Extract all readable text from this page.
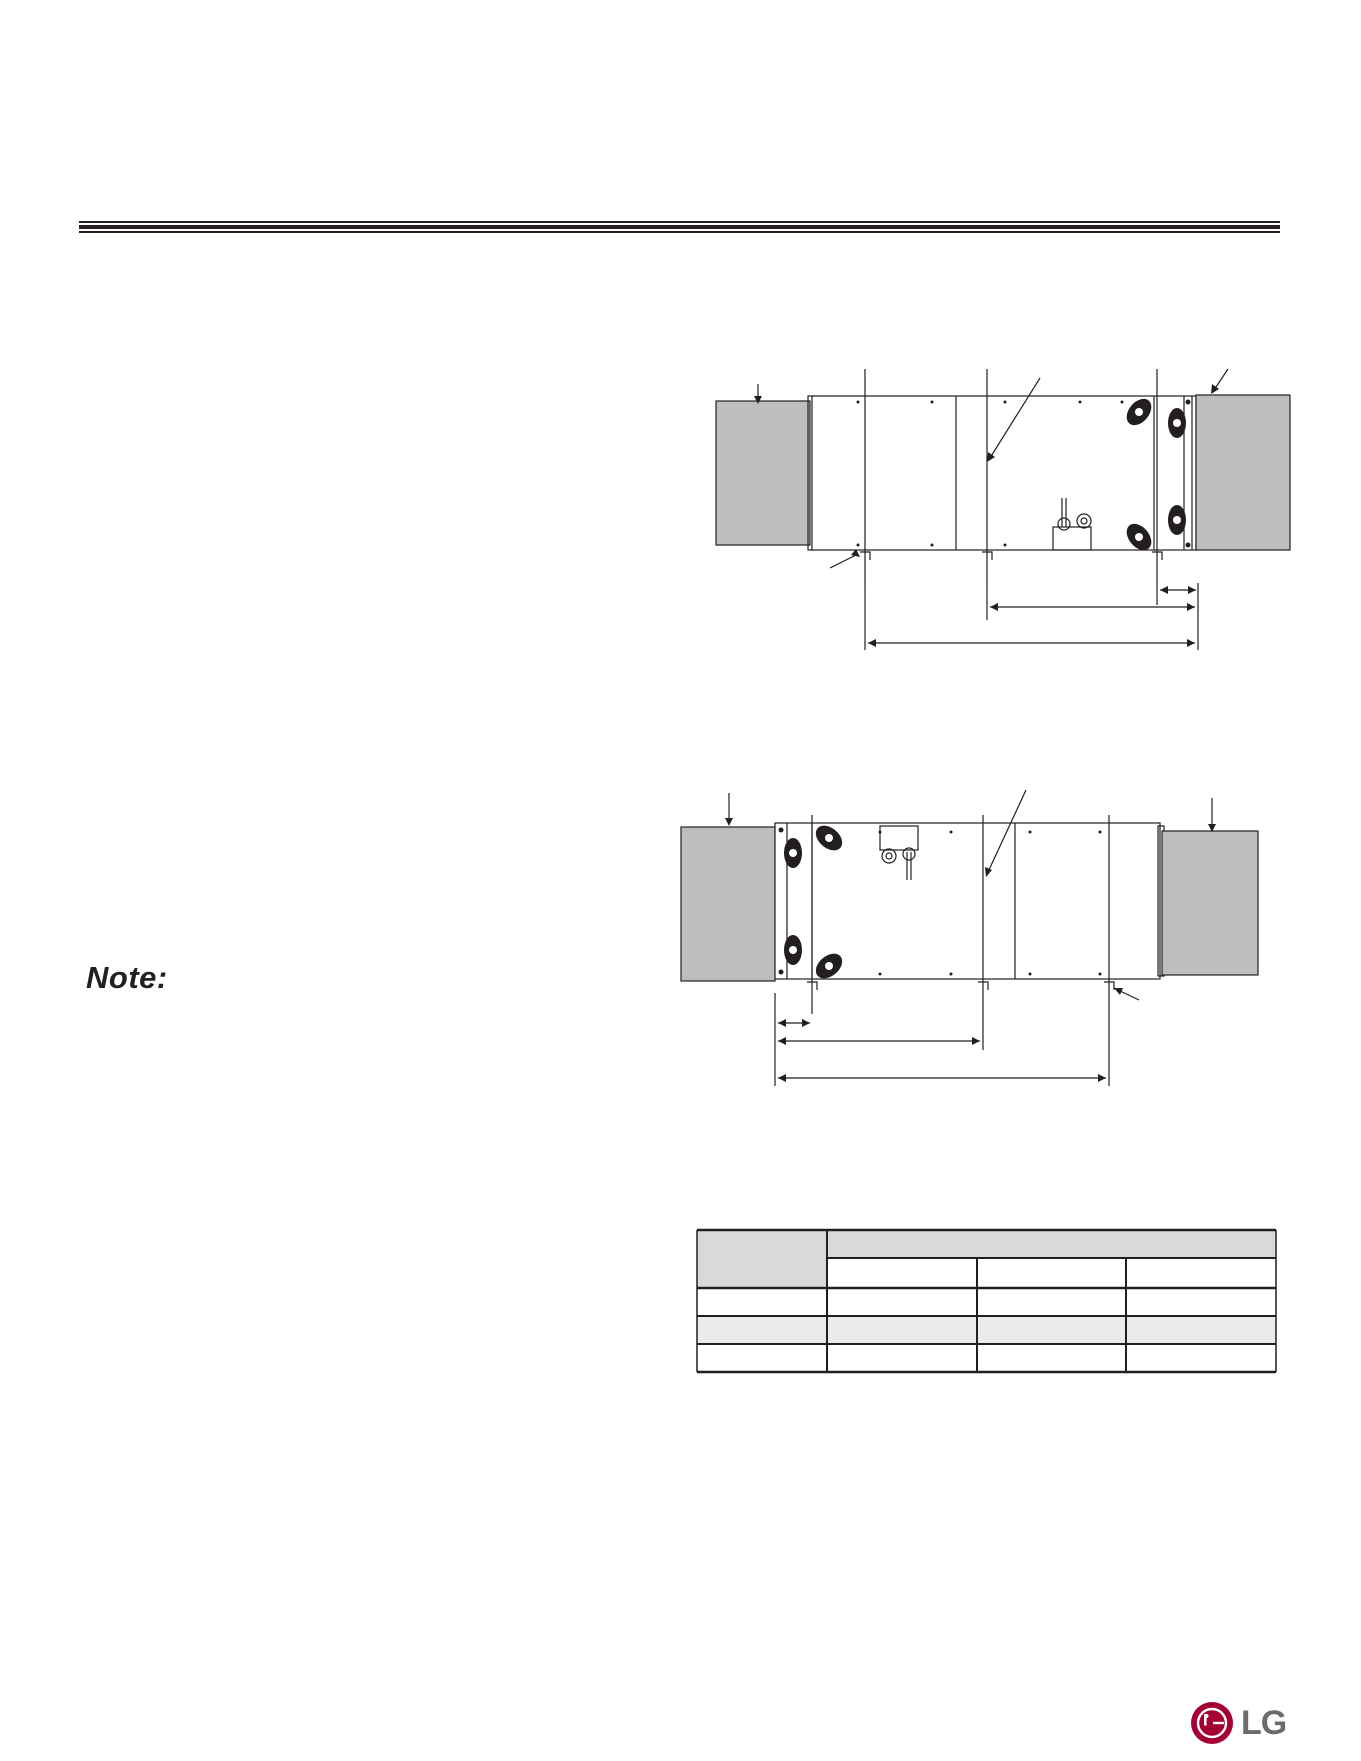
Note:
LG
